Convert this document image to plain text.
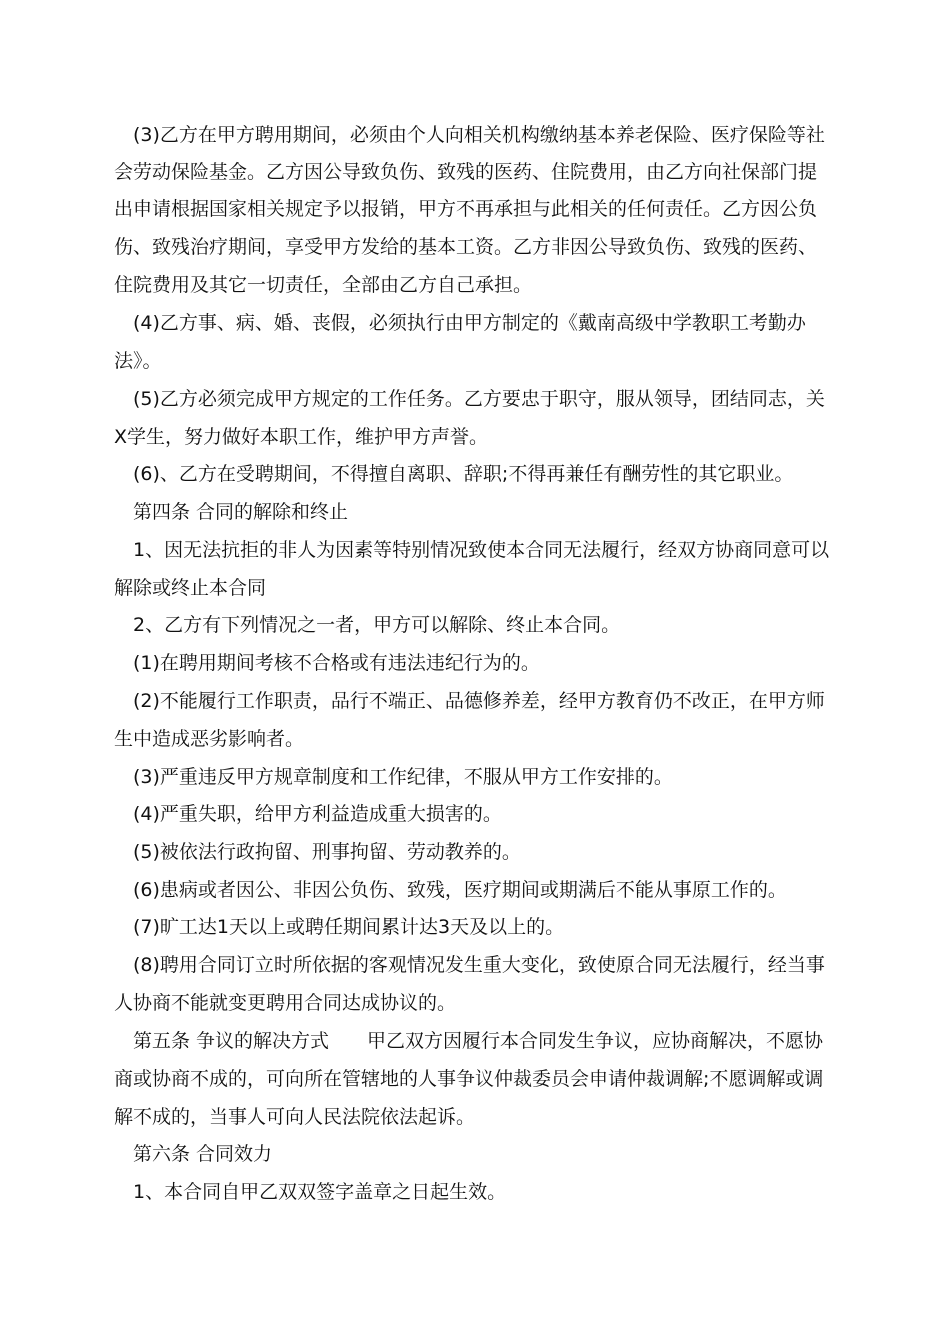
　(3)乙方在甲方聘用期间，必须由个人向相关机构缴纳基本养老保险、医疗保险等社
会劳动保险基金。乙方因公导致负伤、致残的医药、住院费用，由乙方向社保部门提
出申请根据国家相关规定予以报销，甲方不再承担与此相关的任何责任。乙方因公负
伤、致残治疗期间，享受甲方发给的基本工资。乙方非因公导致负伤、致残的医药、
住院费用及其它一切责任，全部由乙方自己承担。
　(4)乙方事、病、婚、丧假，必须执行由甲方制定的《戴南高级中学教职工考勤办
法》。
　(5)乙方必须完成甲方规定的工作任务。乙方要忠于职守，服从领导，团结同志，关
X学生，努力做好本职工作，维护甲方声誉。
　(6)、乙方在受聘期间，不得擅自离职、辞职;不得再兼任有酬劳性的其它职业。
　第四条 合同的解除和终止
　1、因无法抗拒的非人为因素等特别情况致使本合同无法履行，经双方协商同意可以
解除或终止本合同
　2、乙方有下列情况之一者，甲方可以解除、终止本合同。
　(1)在聘用期间考核不合格或有违法违纪行为的。
　(2)不能履行工作职责，品行不端正、品德修养差，经甲方教育仍不改正，在甲方师
生中造成恶劣影响者。
　(3)严重违反甲方规章制度和工作纪律，不服从甲方工作安排的。
　(4)严重失职，给甲方利益造成重大损害的。
　(5)被依法行政拘留、刑事拘留、劳动教养的。
　(6)患病或者因公、非因公负伤、致残，医疗期间或期满后不能从事原工作的。
　(7)旷工达1天以上或聘任期间累计达3天及以上的。
　(8)聘用合同订立时所依据的客观情况发生重大变化，致使原合同无法履行，经当事
人协商不能就变更聘用合同达成协议的。
　第五条 争议的解决方式　　甲乙双方因履行本合同发生争议，应协商解决，不愿协
商或协商不成的，可向所在管辖地的人事争议仲裁委员会申请仲裁调解;不愿调解或调
解不成的，当事人可向人民法院依法起诉。
　第六条 合同效力
　1、本合同自甲乙双双签字盖章之日起生效。
